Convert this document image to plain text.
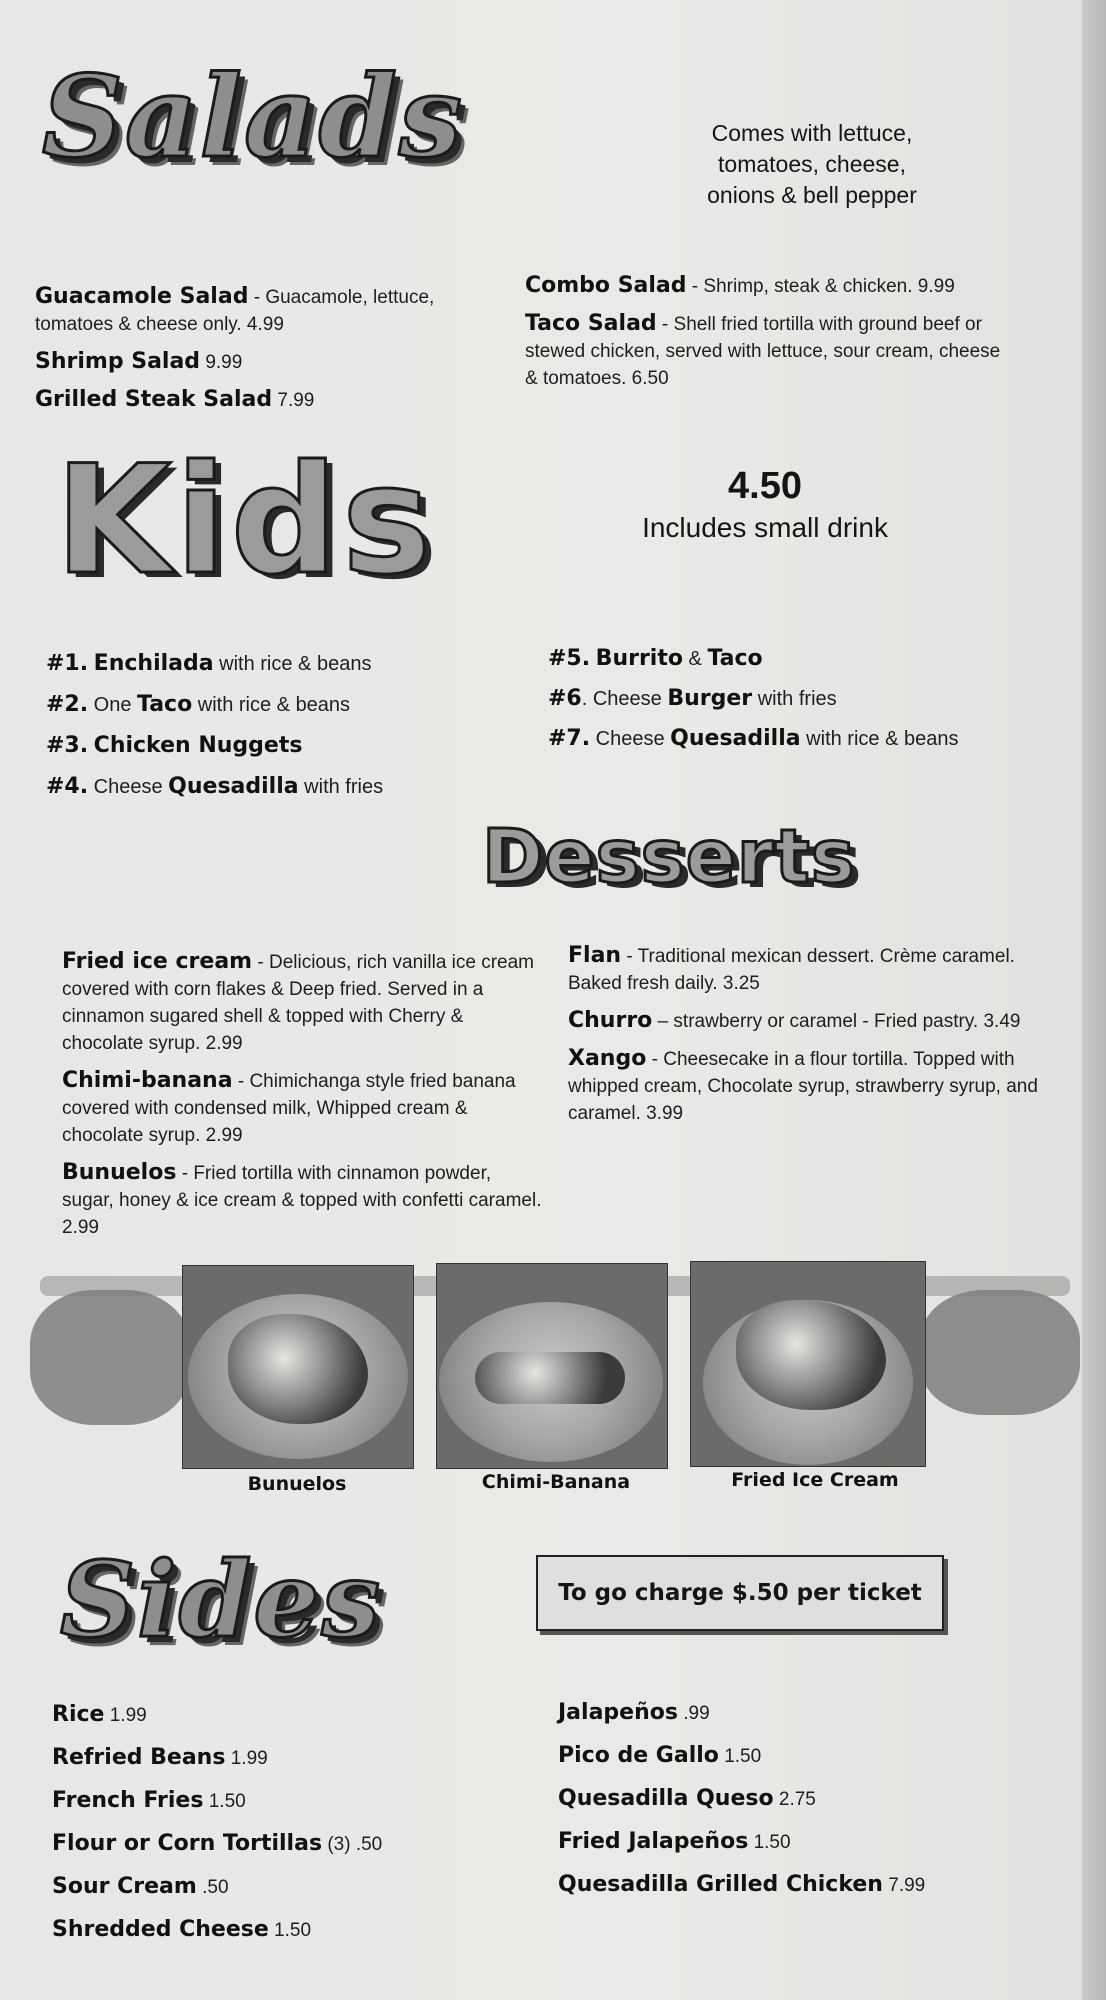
Salads	Comes with lettuce,
tomatoes, cheese,
onions & bell pepper
Guacamole Salad - Guacamole, lettuce, tomatoes & cheese only. 4.99
Shrimp Salad 9.99
Grilled Steak Salad 7.99
Combo Salad - Shrimp, steak & chicken. 9.99
Taco Salad - Shell fried tortilla with ground beef or stewed chicken, served with lettuce, sour cream, cheese & tomatoes. 6.50
Kids	4.50
Includes small drink
#1. Enchilada with rice & beans
#2. One Taco with rice & beans
#3. Chicken Nuggets
#4. Cheese Quesadilla with fries
#5. Burrito & Taco
#6. Cheese Burger with fries
#7. Cheese Quesadilla with rice & beans
Desserts
Fried ice cream - Delicious, rich vanilla ice cream covered with corn flakes & Deep fried. Served in a cinnamon sugared shell & topped with Cherry & chocolate syrup. 2.99
Chimi-banana - Chimichanga style fried banana covered with condensed milk, Whipped cream & chocolate syrup. 2.99
Bunuelos - Fried tortilla with cinnamon powder, sugar, honey & ice cream & topped with confetti caramel. 2.99
Flan - Traditional mexican dessert. Crème caramel. Baked fresh daily. 3.25
Churro – strawberry or caramel - Fried pastry. 3.49
Xango - Cheesecake in a flour tortilla. Topped with whipped cream, Chocolate syrup, strawberry syrup, and caramel. 3.99
Bunuelos	Chimi-Banana	Fried Ice Cream
Sides	To go charge $.50 per ticket
Rice 1.99
Refried Beans 1.99
French Fries 1.50
Flour or Corn Tortillas (3) .50
Sour Cream .50
Shredded Cheese 1.50
Jalapeños .99
Pico de Gallo 1.50
Quesadilla Queso 2.75
Fried Jalapeños 1.50
Quesadilla Grilled Chicken 7.99
